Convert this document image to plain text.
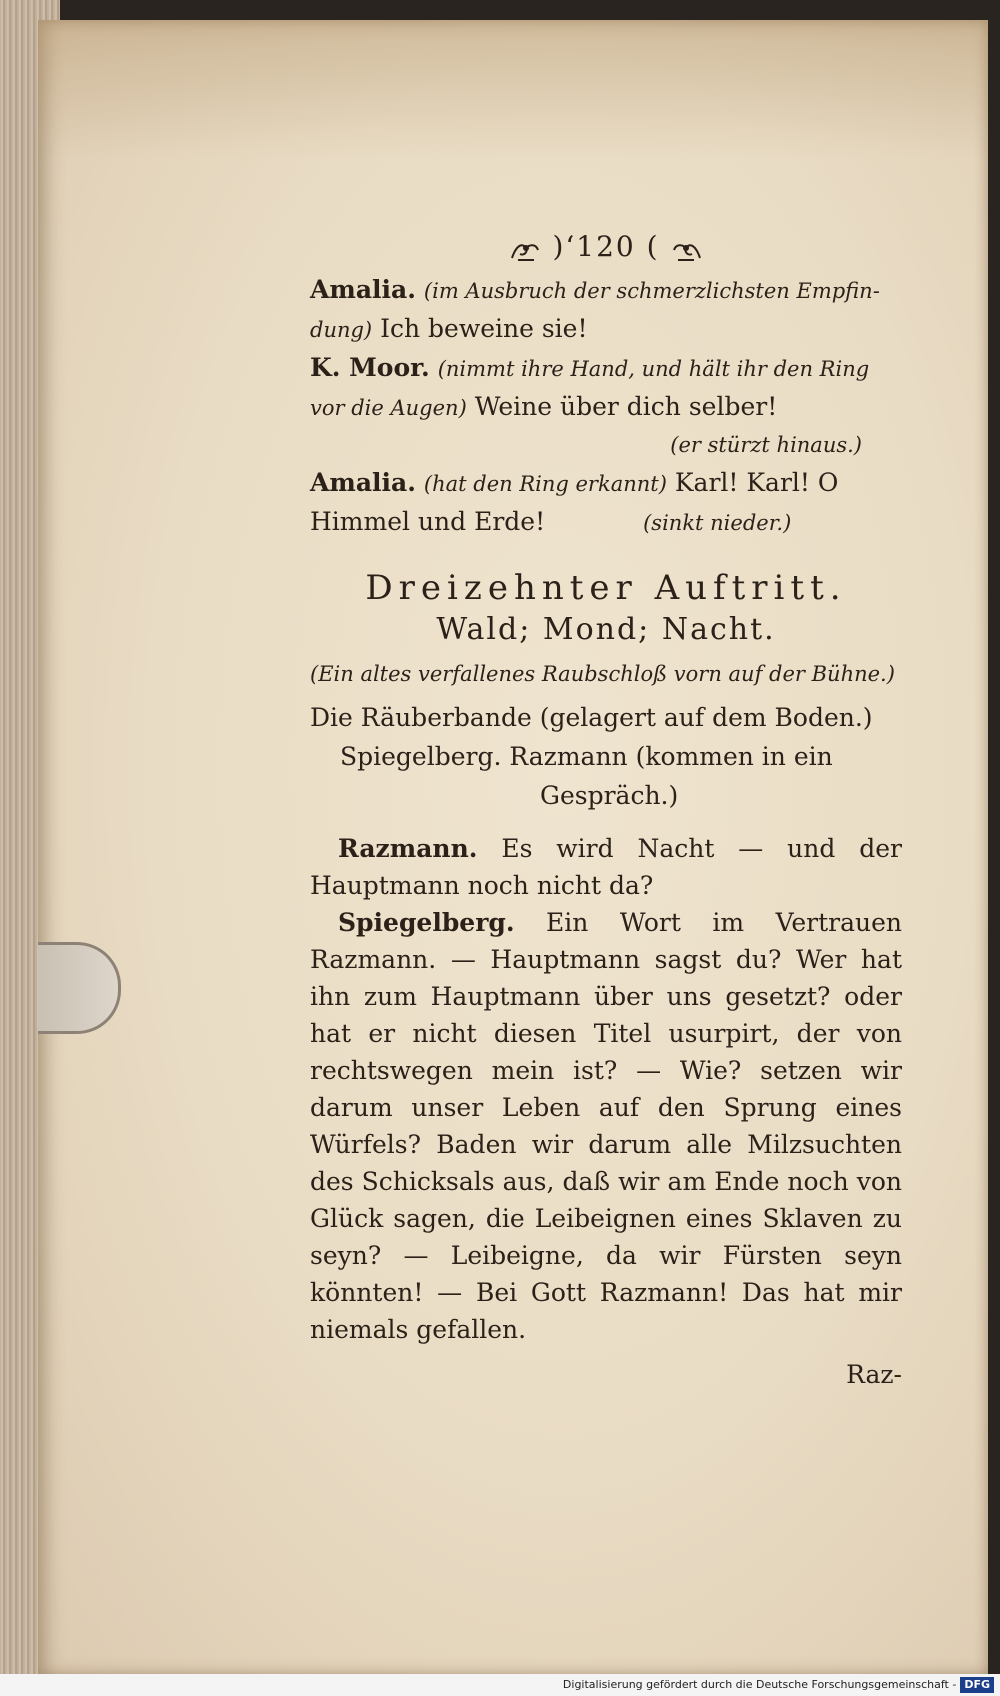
)ʻ120 (

Amalia. (im Ausbruch der schmerzlichsten Empfin-dung) Ich beweine sie!

K. Moor. (nimmt ihre Hand, und hält ihr den Ring vor die Augen) Weine über dich selber!

(er stürzt hinaus.)

Amalia. (hat den Ring erkannt) Karl! Karl! O Himmel und Erde!	(sinkt nieder.)

Dreizehnter Auftritt.
Wald; Mond; Nacht.
(Ein altes verfallenes Raubschloß vorn auf der Bühne.)
Die Räuberbande (gelagert auf dem Boden.)
Spiegelberg. Razmann (kommen in ein
Gespräch.)

Razmann. Es wird Nacht — und der Hauptmann noch nicht da?

Spiegelberg. Ein Wort im Vertrauen Razmann. — Hauptmann sagst du? Wer hat ihn zum Hauptmann über uns gesetzt? oder hat er nicht diesen Titel usurpirt, der von rechtswegen mein ist? — Wie? setzen wir darum unser Leben auf den Sprung eines Würfels? Baden wir darum alle Milzsuchten des Schicksals aus, daß wir am Ende noch von Glück sagen, die Leibeignen eines Sklaven zu seyn? — Leibeigne, da wir Fürsten seyn könnten! — Bei Gott Razmann! Das hat mir niemals gefallen.

Raz-
Digitalisierung gefördert durch die Deutsche Forschungsgemeinschaft - DFG
